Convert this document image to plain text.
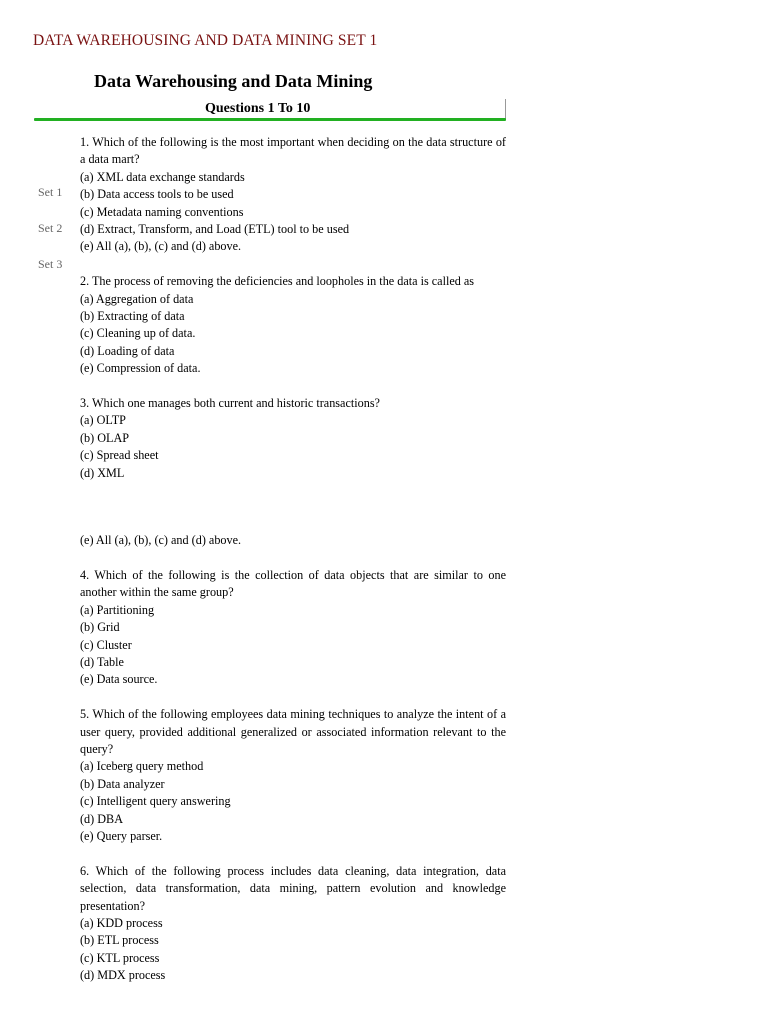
DATA WAREHOUSING AND DATA MINING SET 1
Data Warehousing and Data Mining
Questions 1 To 10
Set 1
Set 2
Set 3
1. Which of the following is the most important when deciding on the data structure of a data mart?
(a) XML data exchange standards
(b) Data access tools to be used
(c) Metadata naming conventions
(d) Extract, Transform, and Load (ETL) tool to be used
(e) All (a), (b), (c) and (d) above.
2. The process of removing the deficiencies and loopholes in the data is called as
(a) Aggregation of data
(b) Extracting of data
(c) Cleaning up of data.
(d) Loading of data
(e) Compression of data.
3. Which one manages both current and historic transactions?
(a) OLTP
(b) OLAP
(c) Spread sheet
(d) XML
(e) All (a), (b), (c) and (d) above.
4. Which of the following is the collection of data objects that are similar to one another within the same group?
(a) Partitioning
(b) Grid
(c) Cluster
(d) Table
(e) Data source.
5. Which of the following employees data mining techniques to analyze the intent of a user query, provided additional generalized or associated information relevant to the query?
(a) Iceberg query method
(b) Data analyzer
(c) Intelligent query answering
(d) DBA
(e) Query parser.
6. Which of the following process includes data cleaning, data integration, data selection, data transformation, data mining, pattern evolution and knowledge presentation?
(a) KDD process
(b) ETL process
(c) KTL process
(d) MDX process
